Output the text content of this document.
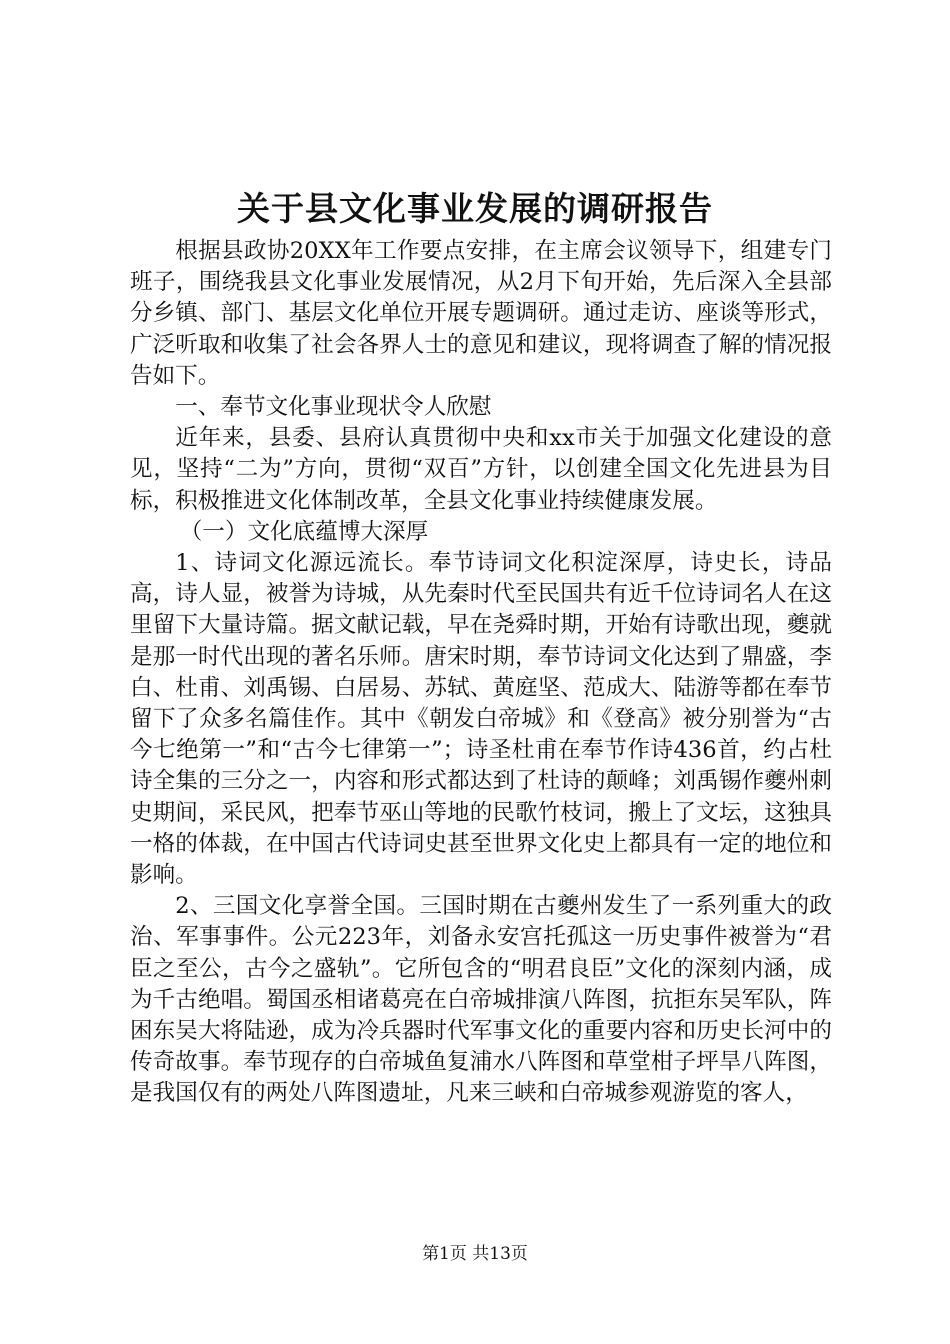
关于县文化事业发展的调研报告

根据县政协20XX年工作要点安排，在主席会议领导下，组建专门班子，围绕我县文化事业发展情况，从2月下旬开始，先后深入全县部分乡镇、部门、基层文化单位开展专题调研。通过走访、座谈等形式，广泛听取和收集了社会各界人士的意见和建议，现将调查了解的情况报告如下。

一、奉节文化事业现状令人欣慰

近年来，县委、县府认真贯彻中央和xx市关于加强文化建设的意见，坚持“二为”方向，贯彻“双百”方针，以创建全国文化先进县为目标，积极推进文化体制改革，全县文化事业持续健康发展。

（一）文化底蕴博大深厚

1、诗词文化源远流长。奉节诗词文化积淀深厚，诗史长，诗品高，诗人显，被誉为诗城，从先秦时代至民国共有近千位诗词名人在这里留下大量诗篇。据文献记载，早在尧舜时期，开始有诗歌出现，夔就是那一时代出现的著名乐师。唐宋时期，奉节诗词文化达到了鼎盛，李白、杜甫、刘禹锡、白居易、苏轼、黄庭坚、范成大、陆游等都在奉节留下了众多名篇佳作。其中《朝发白帝城》和《登高》被分别誉为“古今七绝第一”和“古今七律第一”；诗圣杜甫在奉节作诗436首，约占杜诗全集的三分之一，内容和形式都达到了杜诗的颠峰；刘禹锡作夔州刺史期间，采民风，把奉节巫山等地的民歌竹枝词，搬上了文坛，这独具一格的体裁，在中国古代诗词史甚至世界文化史上都具有一定的地位和影响。

2、三国文化享誉全国。三国时期在古夔州发生了一系列重大的政治、军事事件。公元223年，刘备永安宫托孤这一历史事件被誉为“君臣之至公，古今之盛轨”。它所包含的“明君良臣”文化的深刻内涵，成为千古绝唱。蜀国丞相诸葛亮在白帝城排演八阵图，抗拒东吴军队，阵困东吴大将陆逊，成为冷兵器时代军事文化的重要内容和历史长河中的传奇故事。奉节现存的白帝城鱼复浦水八阵图和草堂柑子坪旱八阵图，是我国仅有的两处八阵图遗址，凡来三峡和白帝城参观游览的客人，

第1页 共13页
